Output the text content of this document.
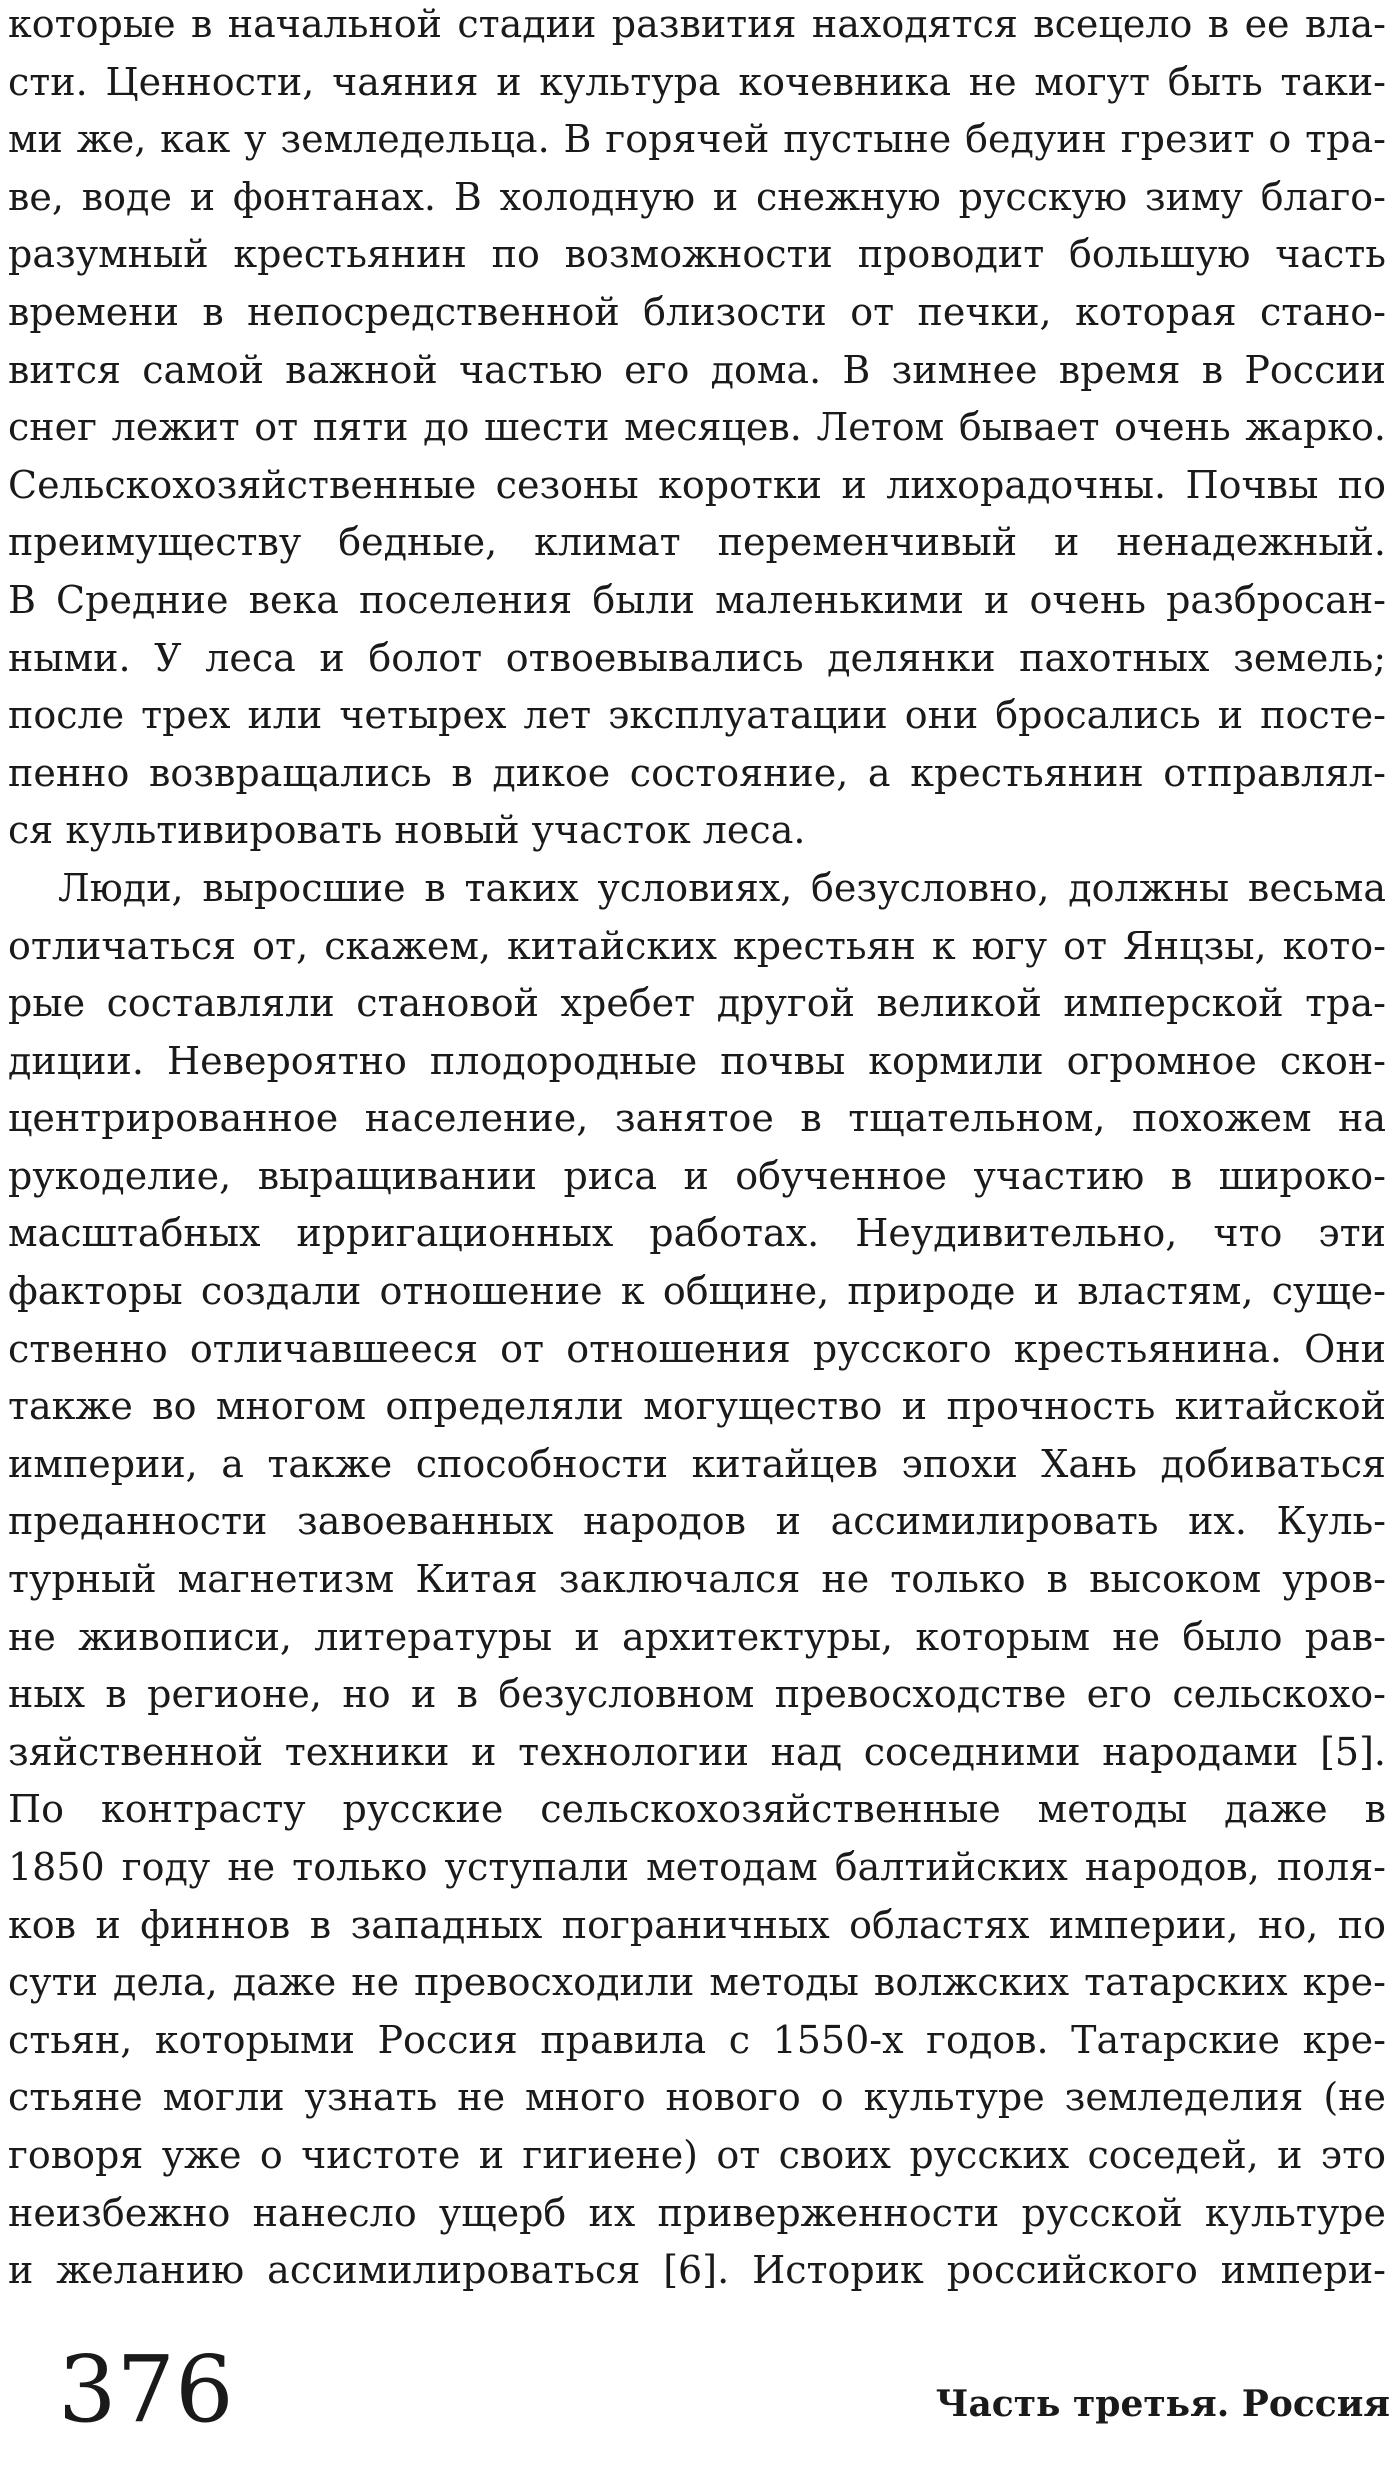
которые в начальной стадии развития находятся всецело в ее вла-
сти. Ценности, чаяния и культура кочевника не могут быть таки-
ми же, как у земледельца. В горячей пустыне бедуин грезит о тра-
ве, воде и фонтанах. В холодную и снежную русскую зиму благо-
разумный крестьянин по возможности проводит большую часть
времени в непосредственной близости от печки, которая стано-
вится самой важной частью его дома. В зимнее время в России
снег лежит от пяти до шести месяцев. Летом бывает очень жарко.
Сельскохозяйственные сезоны коротки и лихорадочны. Почвы по
преимуществу бедные, климат переменчивый и ненадежный.
В Средние века поселения были маленькими и очень разбросан-
ными. У леса и болот отвоевывались делянки пахотных земель;
после трех или четырех лет эксплуатации они бросались и посте-
пенно возвращались в дикое состояние, а крестьянин отправлял-
ся культивировать новый участок леса.
Люди, выросшие в таких условиях, безусловно, должны весьма
отличаться от, скажем, китайских крестьян к югу от Янцзы, кото-
рые составляли становой хребет другой великой имперской тра-
диции. Невероятно плодородные почвы кормили огромное скон-
центрированное население, занятое в тщательном, похожем на
рукоделие, выращивании риса и обученное участию в широко-
масштабных ирригационных работах. Неудивительно, что эти
факторы создали отношение к общине, природе и властям, суще-
ственно отличавшееся от отношения русского крестьянина. Они
также во многом определяли могущество и прочность китайской
империи, а также способности китайцев эпохи Хань добиваться
преданности завоеванных народов и ассимилировать их. Куль-
турный магнетизм Китая заключался не только в высоком уров-
не живописи, литературы и архитектуры, которым не было рав-
ных в регионе, но и в безусловном превосходстве его сельскохо-
зяйственной техники и технологии над соседними народами [5].
По контрасту русские сельскохозяйственные методы даже в
1850 году не только уступали методам балтийских народов, поля-
ков и финнов в западных пограничных областях империи, но, по
сути дела, даже не превосходили методы волжских татарских кре-
стьян, которыми Россия правила с 1550-х годов. Татарские кре-
стьяне могли узнать не много нового о культуре земледелия (не
говоря уже о чистоте и гигиене) от своих русских соседей, и это
неизбежно нанесло ущерб их приверженности русской культуре
и желанию ассимилироваться [6]. Историк российского импери-
376	Часть третья. Россия
